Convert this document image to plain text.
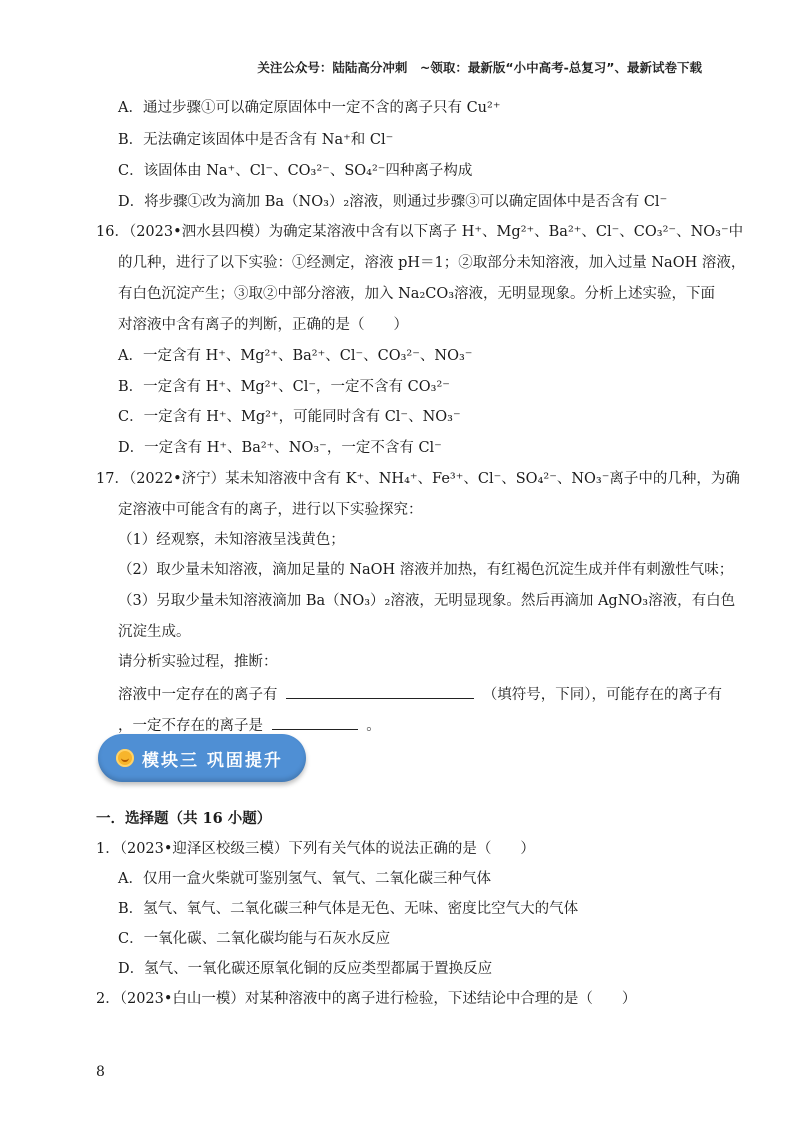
关注公众号：陆陆高分冲刺　~领取：最新版“小中高考-总复习”、最新试卷下载
A．通过步骤①可以确定原固体中一定不含的离子只有 Cu²⁺
B．无法确定该固体中是否含有 Na⁺和 Cl⁻
C．该固体由 Na⁺、Cl⁻、CO₃²⁻、SO₄²⁻四种离子构成
D．将步骤①改为滴加 Ba（NO₃）₂溶液，则通过步骤③可以确定固体中是否含有 Cl⁻
16．（2023•泗水县四模）为确定某溶液中含有以下离子 H⁺、Mg²⁺、Ba²⁺、Cl⁻、CO₃²⁻、NO₃⁻中
的几种，进行了以下实验：①经测定，溶液 pH＝1；②取部分未知溶液，加入过量 NaOH 溶液，
有白色沉淀产生；③取②中部分溶液，加入 Na₂CO₃溶液，无明显现象。分析上述实验，下面
对溶液中含有离子的判断，正确的是（　　）
A．一定含有 H⁺、Mg²⁺、Ba²⁺、Cl⁻、CO₃²⁻、NO₃⁻
B．一定含有 H⁺、Mg²⁺、Cl⁻，一定不含有 CO₃²⁻
C．一定含有 H⁺、Mg²⁺，可能同时含有 Cl⁻、NO₃⁻
D．一定含有 H⁺、Ba²⁺、NO₃⁻，一定不含有 Cl⁻
17．（2022•济宁）某未知溶液中含有 K⁺、NH₄⁺、Fe³⁺、Cl⁻、SO₄²⁻、NO₃⁻离子中的几种，为确
定溶液中可能含有的离子，进行以下实验探究：
（1）经观察，未知溶液呈浅黄色；
（2）取少量未知溶液，滴加足量的 NaOH 溶液并加热，有红褐色沉淀生成并伴有刺激性气味；
（3）另取少量未知溶液滴加 Ba（NO₃）₂溶液，无明显现象。然后再滴加 AgNO₃溶液，有白色
沉淀生成。
请分析实验过程，推断：
溶液中一定存在的离子有	（填符号，下同），可能存在的离子有
，一定不存在的离子是	。
模块三 巩固提升
一．选择题（共 16 小题）
1．（2023•迎泽区校级三模）下列有关气体的说法正确的是（　　）
A．仅用一盒火柴就可鉴别氢气、氧气、二氧化碳三种气体
B．氢气、氧气、二氧化碳三种气体是无色、无味、密度比空气大的气体
C．一氧化碳、二氧化碳均能与石灰水反应
D．氢气、一氧化碳还原氧化铜的反应类型都属于置换反应
2．（2023•白山一模）对某种溶液中的离子进行检验，下述结论中合理的是（　　）
8
